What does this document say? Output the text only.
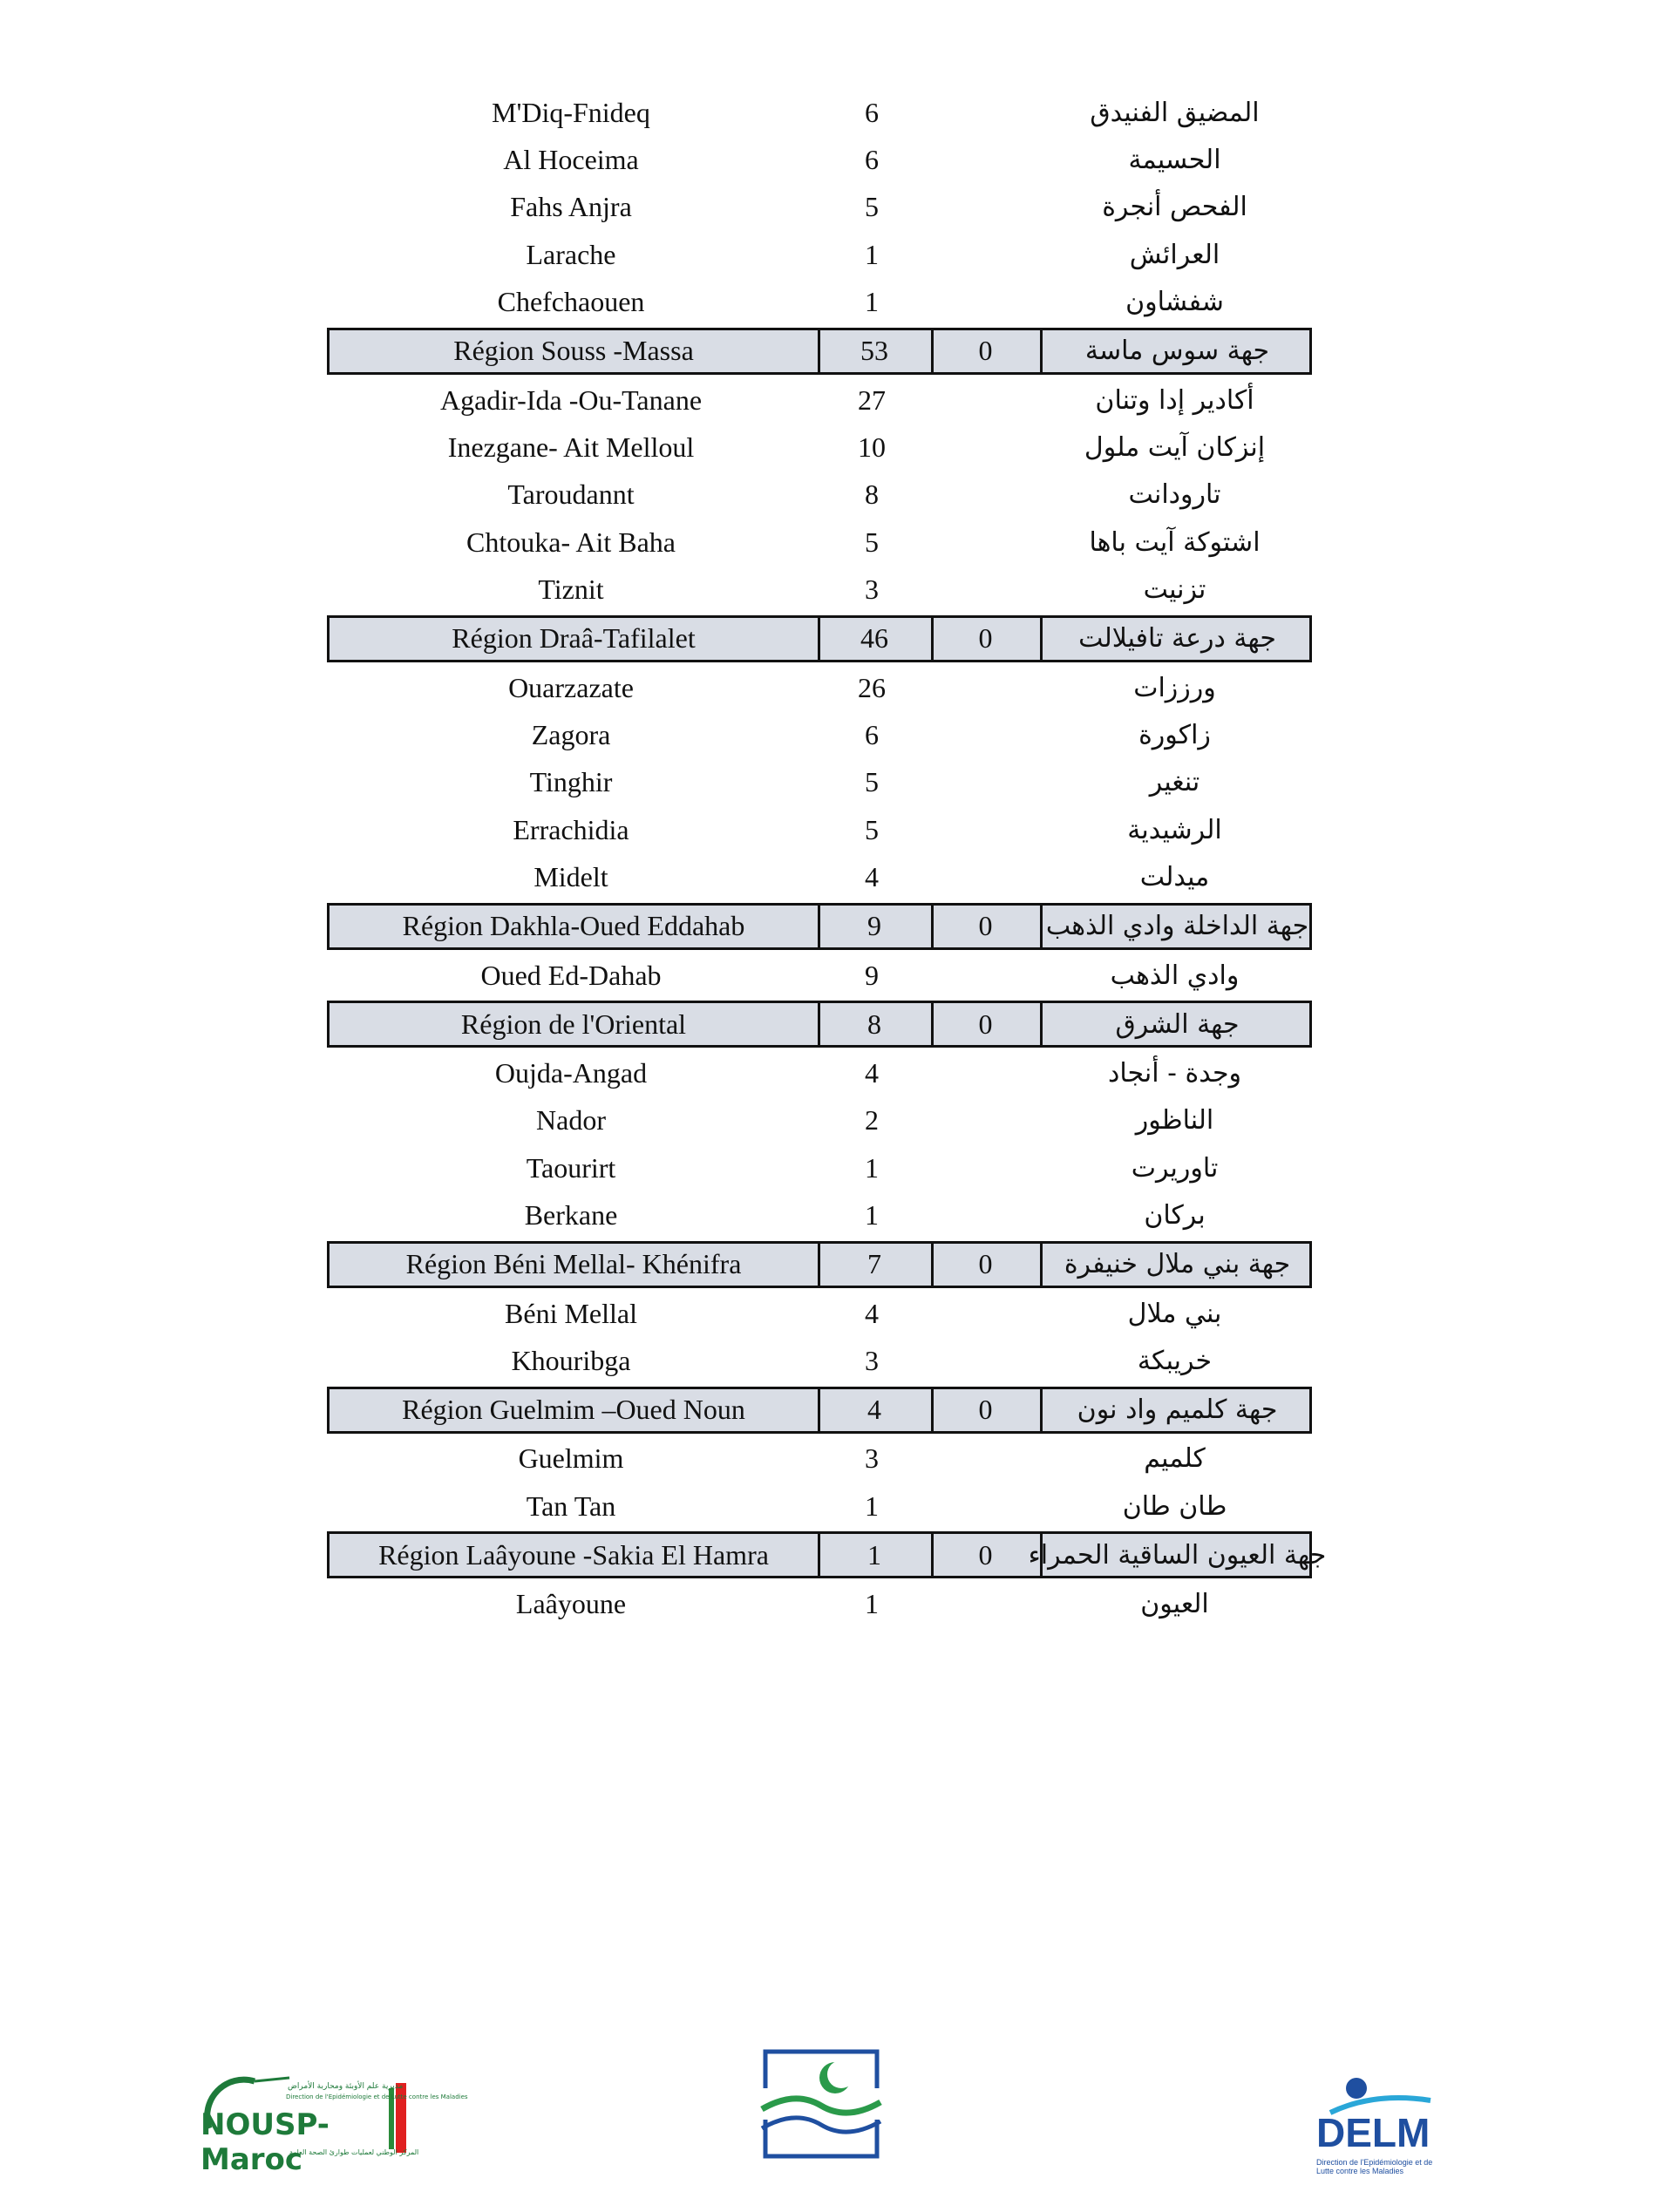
M'Diq-Fnideq	6	المضيق الفنيدق
Al Hoceima	6	الحسيمة
Fahs Anjra	5	الفحص أنجرة
Larache	1	العرائش
Chefchaouen	1	شفشاون
Région Souss -Massa	53	0	جهة سوس ماسة
Agadir-Ida -Ou-Tanane	27	أكادير إدا وتنان
Inezgane- Ait Melloul	10	إنزكان آيت ملول
Taroudannt	8	تارودانت
Chtouka- Ait Baha	5	اشتوكة آيت باها
Tiznit	3	تزنيت
Région Draâ-Tafilalet	46	0	جهة درعة تافيلالت
Ouarzazate	26	ورززات
Zagora	6	زاكورة
Tinghir	5	تنغير
Errachidia	5	الرشيدية
Midelt	4	ميدلت
Région Dakhla-Oued Eddahab	9	0	جهة الداخلة وادي الذهب
Oued Ed-Dahab	9	وادي الذهب
Région de l'Oriental	8	0	جهة الشرق
Oujda-Angad	4	وجدة - أنجاد
Nador	2	الناظور
Taourirt	1	تاوريرت
Berkane	1	بركان
Région Béni Mellal- Khénifra	7	0	جهة بني ملال خنيفرة
Béni Mellal	4	بني ملال
Khouribga	3	خريبكة
Région Guelmim –Oued Noun	4	0	جهة كلميم واد نون
Guelmim	3	كلميم
Tan Tan	1	طان طان
Région Laâyoune -Sakia El Hamra	1	0	جهة العيون الساقية الحمراء
Laâyoune	1	العيون
مديرية علم الأوبئة ومحاربة الأمراض
Direction de l'Epidémiologie et de Lutte contre les Maladies
المركز الوطني لعمليات طوارئ الصحة العامة
NOUSP-Maroc
DELM
Direction de l'Epidémiologie et de Lutte contre les Maladies
